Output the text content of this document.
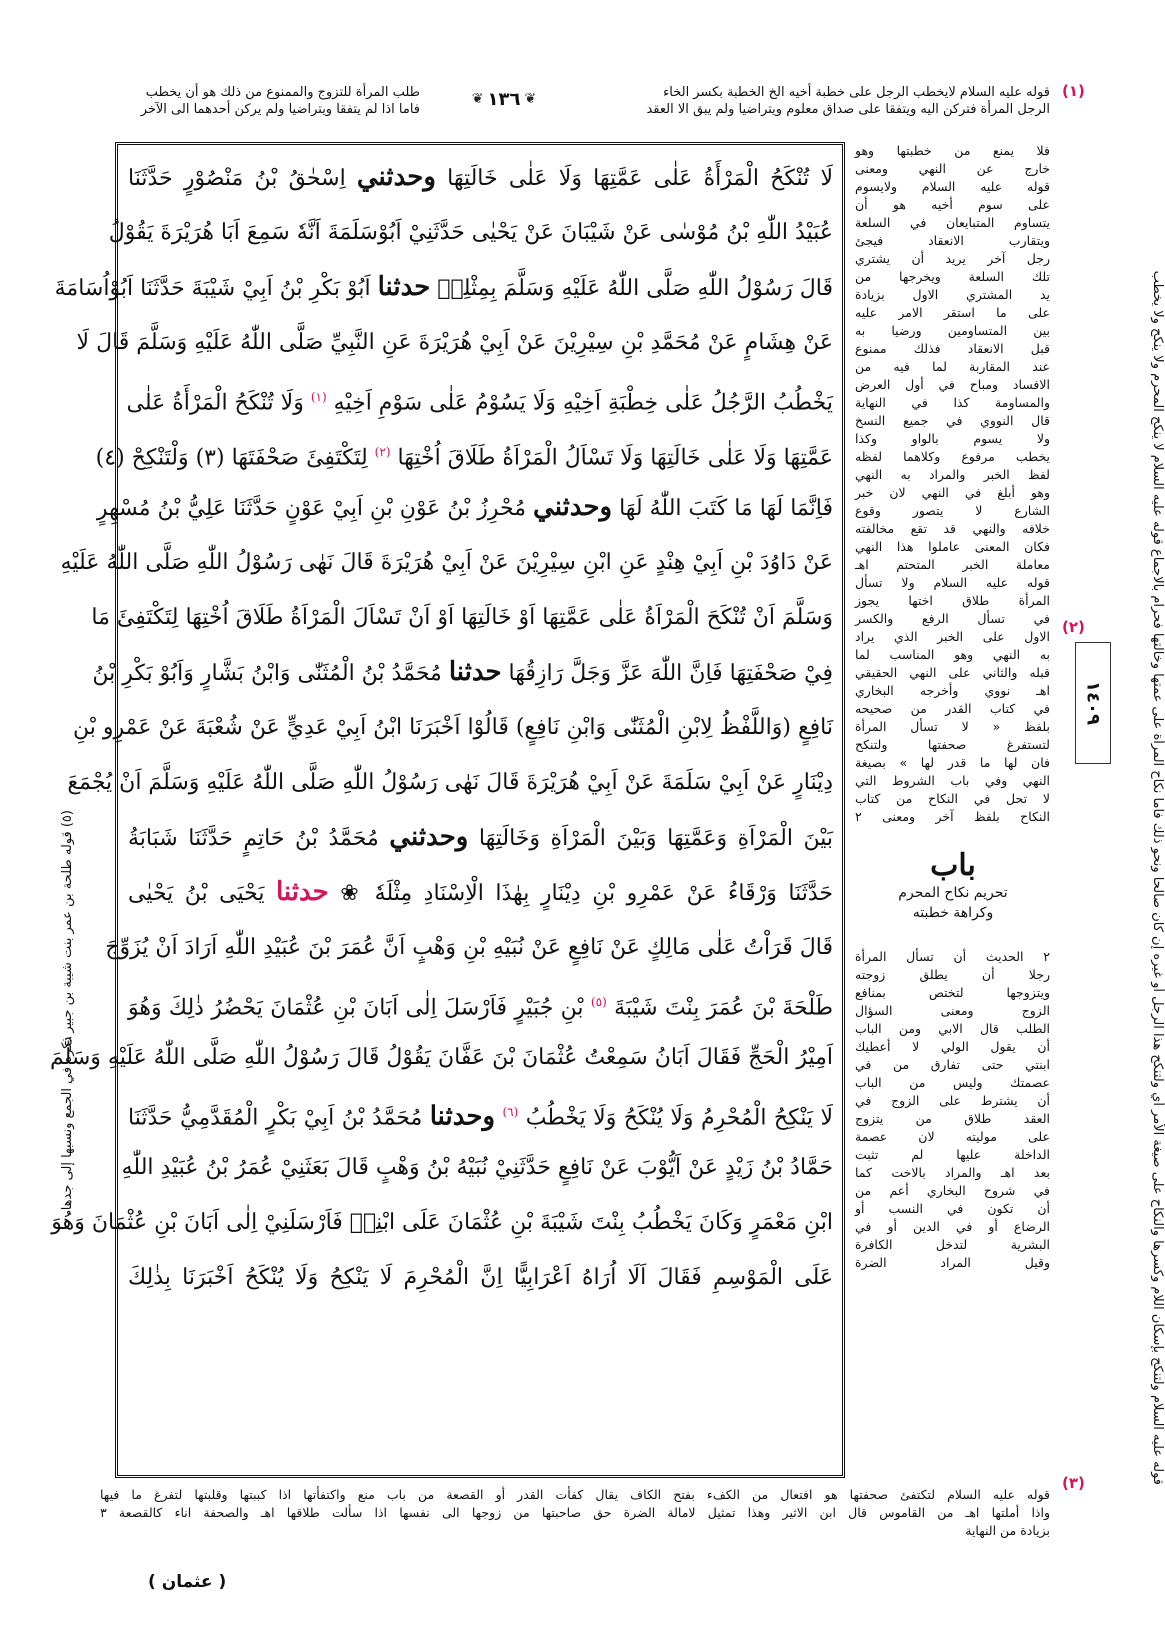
(١)
قوله عليه السلام لايخطب الرجل على خطبة أخيه الخ الخطبة بكسر الخاء
الرجل المرأة فتركن اليه ويتفقا على صداق معلوم ويتراضيا ولم يبق الا العقد
❦ ١٣٦ ❦
طلب المرأة للتزوج والممنوع من ذلك هو أن يخطب
فاما اذا لم يتفقا ويتراضيا ولم يركن أحدهما الى الآخر
لَا تُنْكَحُ الْمَرْأَةُ عَلٰى عَمَّتِهَا وَلَا عَلٰى خَالَتِهَا وحدثني اِسْحٰقُ بْنُ مَنْصُوْرٍ حَدَّثَنَا
عُبَيْدُ اللّٰهِ بْنُ مُوْسٰى عَنْ شَيْبَانَ عَنْ يَحْيٰى حَدَّثَنِيْ اَبُوْسَلَمَةَ اَنَّهٗ سَمِعَ اَبَا هُرَيْرَةَ يَقُوْلُ
قَالَ رَسُوْلُ اللّٰهِ صَلَّى اللّٰهُ عَلَيْهِ وَسَلَّمَ بِمِثْلِهٖ حدثنا اَبُوْ بَكْرِ بْنُ اَبِيْ شَيْبَةَ حَدَّثَنَا اَبُوْاُسَامَةَ
عَنْ هِشَامٍ عَنْ مُحَمَّدِ بْنِ سِيْرِيْنَ عَنْ اَبِيْ هُرَيْرَةَ عَنِ النَّبِيِّ صَلَّى اللّٰهُ عَلَيْهِ وَسَلَّمَ قَالَ لَا
يَخْطُبُ الرَّجُلُ عَلٰى خِطْبَةِ اَخِيْهِ وَلَا يَسُوْمُ عَلٰى سَوْمِ اَخِيْهِ $^{(١)}$ وَلَا تُنْكَحُ الْمَرْأَةُ عَلٰى
عَمَّتِهَا وَلَا عَلٰى خَالَتِهَا وَلَا تَسْاَلُ الْمَرْاَةُ طَلَاقَ اُخْتِهَا $^{(٢)}$ لِتَكْتَفِئَ صَحْفَتَهَا (٣) وَلْتَنْكِحْ (٤)
فَاِنَّمَا لَهَا مَا كَتَبَ اللّٰهُ لَهَا وحدثني مُحْرِزُ بْنُ عَوْنِ بْنِ اَبِيْ عَوْنٍ حَدَّثَنَا عَلِيُّ بْنُ مُسْهِرٍ
عَنْ دَاوُدَ بْنِ اَبِيْ هِنْدٍ عَنِ ابْنِ سِيْرِيْنَ عَنْ اَبِيْ هُرَيْرَةَ قَالَ نَهٰى رَسُوْلُ اللّٰهِ صَلَّى اللّٰهُ عَلَيْهِ
وَسَلَّمَ اَنْ تُنْكَحَ الْمَرْاَةُ عَلٰى عَمَّتِهَا اَوْ خَالَتِهَا اَوْ اَنْ تَسْاَلَ الْمَرْاَةُ طَلَاقَ اُخْتِهَا لِتَكْتَفِئَ مَا
فِيْ صَحْفَتِهَا فَاِنَّ اللّٰهَ عَزَّ وَجَلَّ رَازِقُهَا حدثنا مُحَمَّدُ بْنُ الْمُثَنّٰى وَابْنُ بَشَّارٍ وَاَبُوْ بَكْرِ بْنُ
نَافِعٍ (وَاللَّفْظُ لِابْنِ الْمُثَنّٰى وَابْنِ نَافِعٍ) قَالُوْا اَخْبَرَنَا ابْنُ اَبِيْ عَدِيٍّ عَنْ شُعْبَةَ عَنْ عَمْرِو بْنِ
دِيْنَارٍ عَنْ اَبِيْ سَلَمَةَ عَنْ اَبِيْ هُرَيْرَةَ قَالَ نَهٰى رَسُوْلُ اللّٰهِ صَلَّى اللّٰهُ عَلَيْهِ وَسَلَّمَ اَنْ يُجْمَعَ
بَيْنَ الْمَرْاَةِ وَعَمَّتِهَا وَبَيْنَ الْمَرْاَةِ وَخَالَتِهَا وحدثني مُحَمَّدُ بْنُ حَاتِمٍ حَدَّثَنَا شَبَابَةُ
حَدَّثَنَا وَرْقَاءُ عَنْ عَمْرِو بْنِ دِيْنَارٍ بِهٰذَا الْاِسْنَادِ مِثْلَهٗ ❀ حدثنا يَحْيَى بْنُ يَحْيٰى
قَالَ قَرَاْتُ عَلٰى مَالِكٍ عَنْ نَافِعٍ عَنْ نُبَيْهِ بْنِ وَهْبٍ اَنَّ عُمَرَ بْنَ عُبَيْدِ اللّٰهِ اَرَادَ اَنْ يُزَوِّجَ
طَلْحَةَ بْنَ عُمَرَ بِنْتَ شَيْبَةَ $^{(٥)}$ بْنِ جُبَيْرٍ فَاَرْسَلَ اِلٰى اَبَانَ بْنِ عُثْمَانَ يَحْضُرُ ذٰلِكَ وَهُوَ
اَمِيْرُ الْحَجِّ فَقَالَ اَبَانُ سَمِعْتُ عُثْمَانَ بْنَ عَفَّانَ يَقُوْلُ قَالَ رَسُوْلُ اللّٰهِ صَلَّى اللّٰهُ عَلَيْهِ وَسَلَّمَ
لَا يَنْكِحُ الْمُحْرِمُ وَلَا يُنْكَحُ وَلَا يَخْطُبُ $^{(٦)}$ وحدثنا مُحَمَّدُ بْنُ اَبِيْ بَكْرٍ الْمُقَدَّمِيُّ حَدَّثَنَا
حَمَّادُ بْنُ زَيْدٍ عَنْ اَيُّوْبَ عَنْ نَافِعٍ حَدَّثَنِيْ نُبَيْهُ بْنُ وَهْبٍ قَالَ بَعَثَنِيْ عُمَرُ بْنُ عُبَيْدِ اللّٰهِ
ابْنِ مَعْمَرٍ وَكَانَ يَخْطُبُ بِنْتَ شَيْبَةَ بْنِ عُثْمَانَ عَلَى ابْنِهٖ فَاَرْسَلَنِيْ اِلٰى اَبَانَ بْنِ عُثْمَانَ وَهُوَ
عَلَى الْمَوْسِمِ فَقَالَ اَلَا اُرَاهُ اَعْرَابِيًّا اِنَّ الْمُحْرِمَ لَا يَنْكِحُ وَلَا يُنْكَحُ اَخْبَرَنَا بِذٰلِكَ
فلا يمنع من خطبتها وهو
خارج عن النهي ومعنى
قوله عليه السلام ولايسوم
على سوم أخيه هو أن
يتساوم المتبايعان في السلعة
ويتقارب الانعقاد فيجئ
رجل آخر يريد أن يشتري
تلك السلعة ويخرجها من
يد المشتري الاول بزيادة
على ما استقر الامر عليه
بين المتساومين ورضيا به
قبل الانعقاد فذلك ممنوع
عند المقاربة لما فيه من
الافساد ومباح في أول العرض
والمساومة كذا في النهاية
قال النووي في جميع النسخ
ولا يسوم بالواو وكذا
يخطب مرفوع وكلاهما لفظه
لفظ الخبر والمراد به النهي
وهو أبلغ في النهي لان خبر
الشارع لا يتصور وقوع
خلافه والنهي قد تقع مخالفته
فكان المعنى عاملوا هذا النهي
معاملة الخبر المتحتم اهـ
قوله عليه السلام ولا تسأل
المرأة طلاق اختها يجوز
في تسأل الرفع والكسر
الاول على الخبر الذي يراد
به النهي وهو المناسب لما
قبله والثاني على النهي الحقيقي
اهـ نووي وأخرجه البخاري
في كتاب القدر من صحيحه
بلفظ « لا تسأل المرأة
لتستفرغ صحفتها ولتنكح
فان لها ما قدر لها » بصيغة
النهي وفي باب الشروط التي
لا تحل في النكاح من كتاب
النكاح بلفظ آخر ومعنى ٢
(٢)
١٤٠٩
باب
تحريم نكاح المحرم
وكراهة خطبته
٢ الحديث أن تسأل المرأة
رجلا أن يطلق زوجته
ويتزوجها لتختص بمنافع
الزوج ومعنى السؤال
الطلب قال الابي ومن الباب
أن يقول الولي لا أعطيك
ابنتي حتى تفارق من في
عصمتك وليس من الباب
أن يشترط على الزوج في
العقد طلاق من يتزوج
على موليته لان عصمة
الداخلة عليها لم تثبت
بعد اهـ والمراد بالاخت كما
في شروح البخاري أعم من
أن تكون في النسب أو
الرضاع أو في الدين أو في
البشرية لتدخل الكافرة
وقيل المراد الضرة	قوله عليه السلام ولتنكح بإسكان اللام وكسرها والنكاح على صيغة الأمر أي ولتنكح هذا الرجل أو غيره إن كان صالحا ونحو ذلك فأما نكاح المرأة على عمتها وخالتها فحرام بالاجماع قوله عليه السلام لا ينكح المحرم ولا ينكح ولا يخطب
(٥) قوله طلحة بن عمر بنت شيبة بن جبير ذكره في الجمع ونسبها إلى جدها
(٣)
قوله عليه السلام لتكتفئ صحفتها هو افتعال من الكفء بفتح الكاف يقال كفأت القدر أو القصعة من باب منع واكتفأتها اذا كببتها وقلبتها لتفرغ ما فيها
واذا أملتها اهـ من القاموس قال ابن الاثير وهذا تمثيل لامالة الضرة حق صاحبتها من زوجها الى نفسها اذا سألت طلاقها اهـ والصحفة اناء كالقصعة ٣
بزيادة من النهاية
( عثمان )
